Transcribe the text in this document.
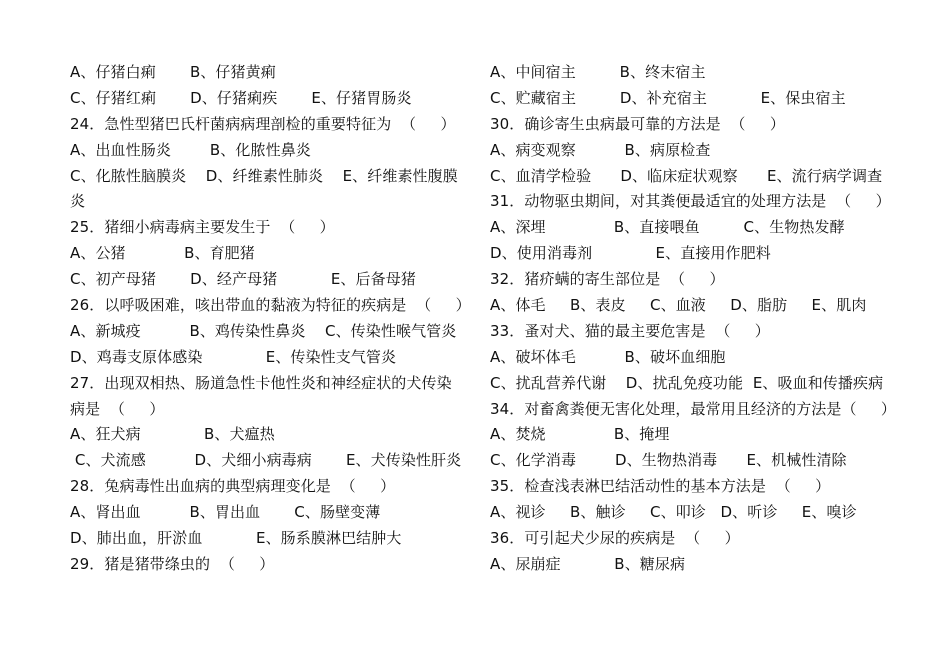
A、仔猪白痢       B、仔猪黄痢
C、仔猪红痢       D、仔猪痢疾       E、仔猪胃肠炎
24．急性型猪巴氏杆菌病病理剖检的重要特征为  （     ）
A、出血性肠炎        B、化脓性鼻炎
C、化脓性脑膜炎    D、纤维素性肺炎    E、纤维素性腹膜
炎
25．猪细小病毒病主要发生于  （     ）
A、公猪            B、育肥猪
C、初产母猪       D、经产母猪           E、后备母猪
26．以呼吸困难，咳出带血的黏液为特征的疾病是  （     ）
A、新城疫          B、鸡传染性鼻炎    C、传染性喉气管炎
D、鸡毒支原体感染             E、传染性支气管炎
27．出现双相热、肠道急性卡他性炎和神经症状的犬传染
病是  （     ）
A、狂犬病             B、犬瘟热
C、犬流感          D、犬细小病毒病       E、犬传染性肝炎
28．兔病毒性出血病的典型病理变化是  （     ）
A、肾出血          B、胃出血       C、肠壁变薄
D、肺出血，肝淤血           E、肠系膜淋巴结肿大
29．猪是猪带绦虫的  （     ）
A、中间宿主         B、终末宿主
C、贮藏宿主         D、补充宿主           E、保虫宿主
30．确诊寄生虫病最可靠的方法是  （     ）
A、病变观察          B、病原检查
C、血清学检验      D、临床症状观察      E、流行病学调查
31．动物驱虫期间，对其粪便最适宜的处理方法是  （     ）
A、深埋              B、直接喂鱼         C、生物热发酵
D、使用消毒剂             E、直接用作肥料
32．猪疥螨的寄生部位是  （     ）
A、体毛     B、表皮     C、血液     D、脂肪     E、肌肉
33．蚤对犬、猫的最主要危害是  （     ）
A、破坏体毛          B、破坏血细胞
C、扰乱营养代谢    D、扰乱免疫功能  E、吸血和传播疾病
34．对畜禽粪便无害化处理，最常用且经济的方法是（     ）
A、焚烧              B、掩埋
C、化学消毒        D、生物热消毒      E、机械性清除
35．检查浅表淋巴结活动性的基本方法是  （     ）
A、视诊     B、触诊     C、叩诊   D、听诊     E、嗅诊
36．可引起犬少尿的疾病是  （     ）
A、尿崩症           B、糖尿病
